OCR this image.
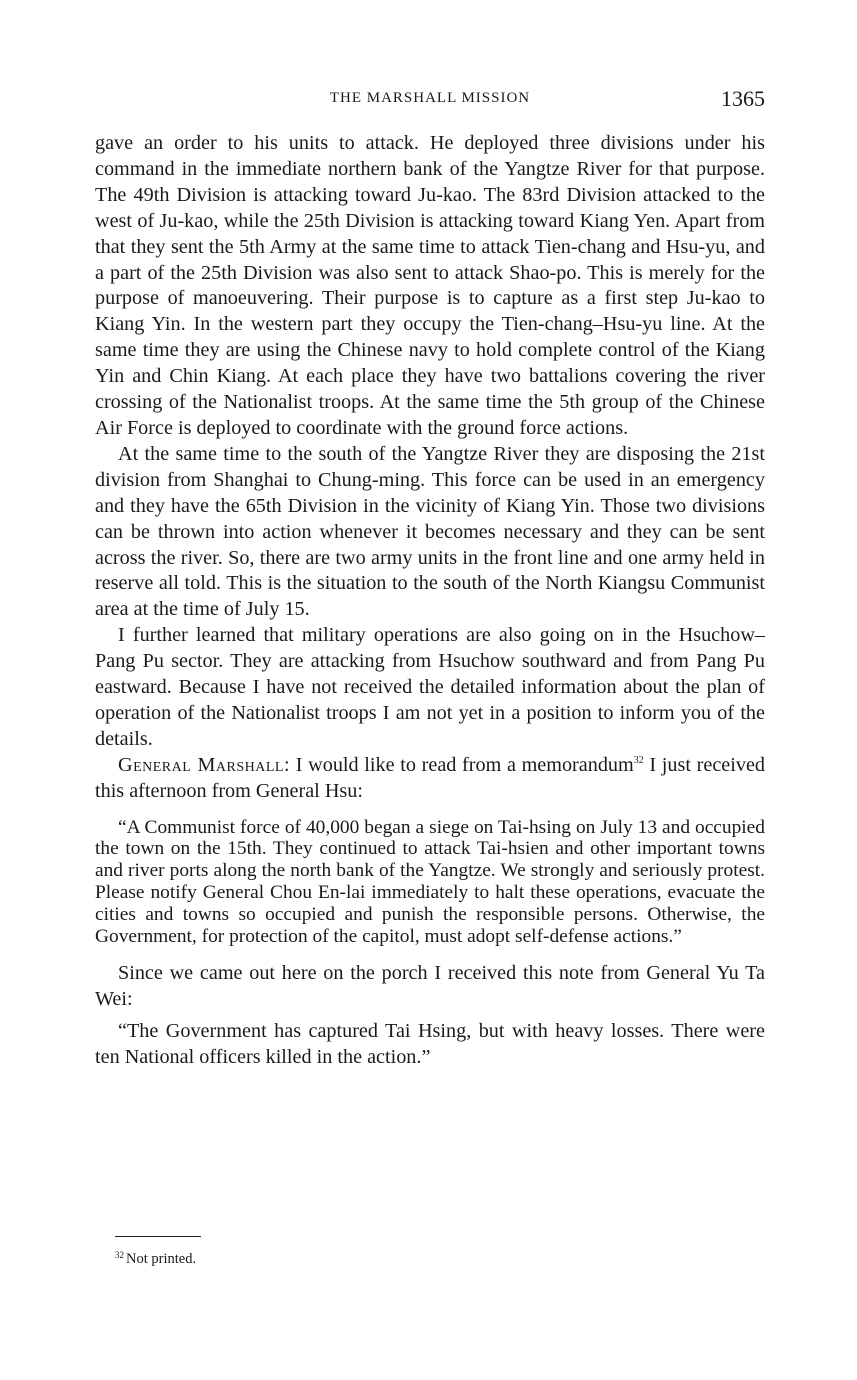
THE MARSHALL MISSION	1365

gave an order to his units to attack. He deployed three divisions under his command in the immediate northern bank of the Yangtze River for that purpose. The 49th Division is attacking toward Ju-kao. The 83rd Division attacked to the west of Ju-kao, while the 25th Division is attacking toward Kiang Yen. Apart from that they sent the 5th Army at the same time to attack Tien-chang and Hsu-yu, and a part of the 25th Division was also sent to attack Shao-po. This is merely for the purpose of manoeuvering. Their purpose is to capture as a first step Ju-kao to Kiang Yin. In the western part they occupy the Tien-chang–Hsu-yu line. At the same time they are using the Chinese navy to hold complete control of the Kiang Yin and Chin Kiang. At each place they have two battalions covering the river crossing of the Nationalist troops. At the same time the 5th group of the Chinese Air Force is deployed to coordinate with the ground force actions.

At the same time to the south of the Yangtze River they are disposing the 21st division from Shanghai to Chung-ming. This force can be used in an emergency and they have the 65th Division in the vicinity of Kiang Yin. Those two divisions can be thrown into action whenever it becomes necessary and they can be sent across the river. So, there are two army units in the front line and one army held in reserve all told. This is the situation to the south of the North Kiangsu Communist area at the time of July 15.

I further learned that military operations are also going on in the Hsuchow–Pang Pu sector. They are attacking from Hsuchow southward and from Pang Pu eastward. Because I have not received the detailed information about the plan of operation of the Nationalist troops I am not yet in a position to inform you of the details.

General Marshall: I would like to read from a memorandum$^{32}$ I just received this afternoon from General Hsu:

“A Communist force of 40,000 began a siege on Tai-hsing on July 13 and occupied the town on the 15th. They continued to attack Tai-hsien and other important towns and river ports along the north bank of the Yangtze. We strongly and seriously protest. Please notify General Chou En-lai immediately to halt these operations, evacuate the cities and towns so occupied and punish the responsible persons. Otherwise, the Government, for protection of the capitol, must adopt self-defense actions.”

Since we came out here on the porch I received this note from General Yu Ta Wei:

“The Government has captured Tai Hsing, but with heavy losses. There were ten National officers killed in the action.”

$^{32}$ Not printed.
